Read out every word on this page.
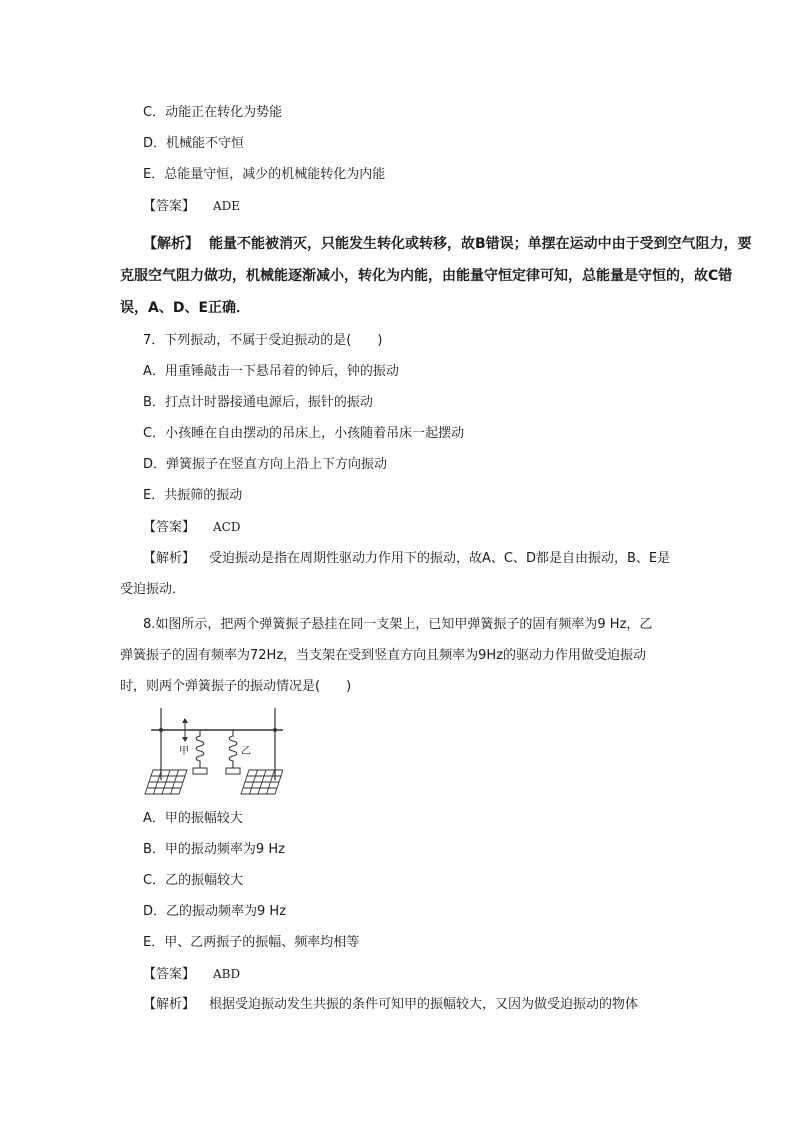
C．动能正在转化为势能
D．机械能不守恒
E．总能量守恒，减少的机械能转化为内能
【答案】 ADE
【解析】 能量不能被消灭，只能发生转化或转移，故B错误；单摆在运动中由于受到空气阻力，要克服空气阻力做功，机械能逐渐减小，转化为内能，由能量守恒定律可知，总能量是守恒的，故C错误，A、D、E正确．
7．下列振动，不属于受迫振动的是(　　)
A．用重锤敲击一下悬吊着的钟后，钟的振动
B．打点计时器接通电源后，振针的振动
C．小孩睡在自由摆动的吊床上，小孩随着吊床一起摆动
D．弹簧振子在竖直方向上沿上下方向振动
E．共振筛的振动
【答案】 ACD
【解析】 受迫振动是指在周期性驱动力作用下的振动，故A、C、D都是自由振动，B、E是受迫振动．
8.如图所示，把两个弹簧振子悬挂在同一支架上，已知甲弹簧振子的固有频率为9 Hz，乙弹簧振子的固有频率为72Hz，当支架在受到竖直方向且频率为9Hz的驱动力作用做受迫振动时，则两个弹簧振子的振动情况是(　　)
甲	乙
A．甲的振幅较大
B．甲的振动频率为9 Hz
C．乙的振幅较大
D．乙的振动频率为9 Hz
E．甲、乙两振子的振幅、频率均相等
【答案】 ABD
【解析】 根据受迫振动发生共振的条件可知甲的振幅较大，又因为做受迫振动的物体
